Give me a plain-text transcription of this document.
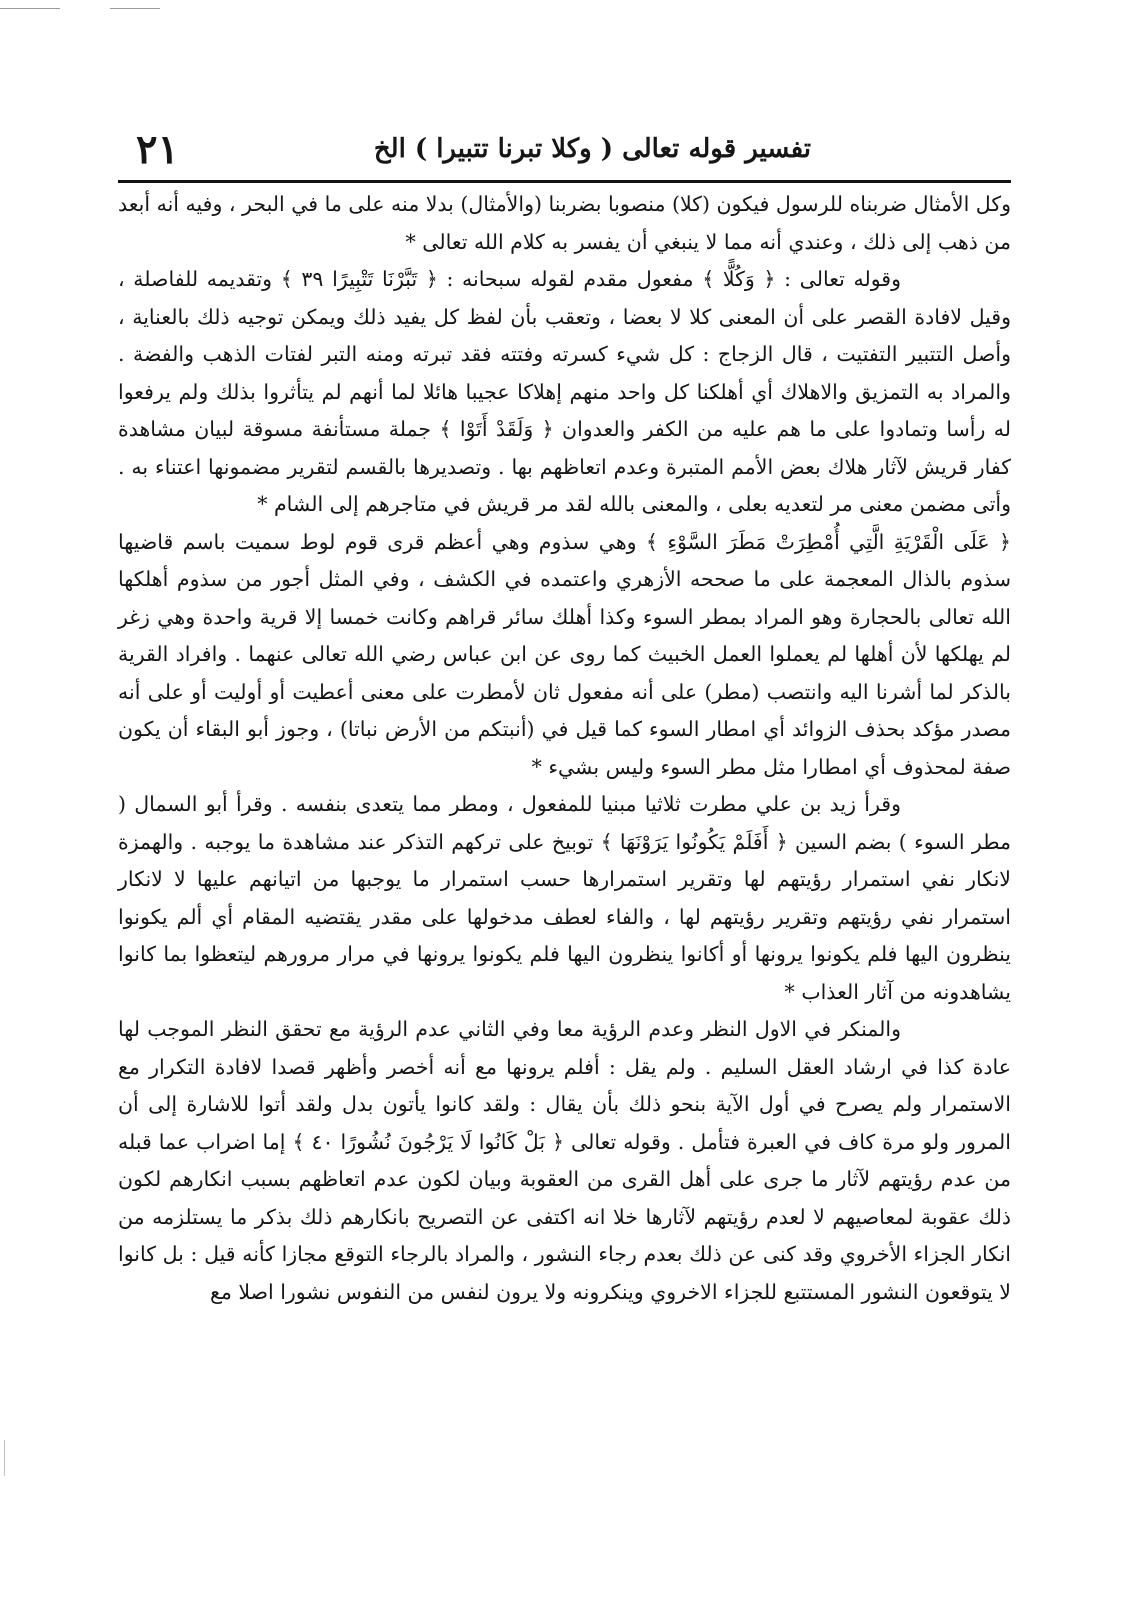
تفسير قوله تعالى ( وكلا تبرنا تتبيرا ) الخ
٢١

وكل الأمثال ضربناه للرسول فيكون (كلا) منصوبا بضربنا (والأمثال) بدلا منه على ما في البحر ، وفيه أنه أبعد من ذهب إلى ذلك ، وعندي أنه مما لا ينبغي أن يفسر به كلام الله تعالى *

وقوله تعالى : ﴿ وَكُلًّا ﴾ مفعول مقدم لقوله سبحانه : ﴿ تَبَّرْنَا تَتْبِيرًا ٣٩ ﴾ وتقديمه للفاصلة ، وقيل لافادة القصر على أن المعنى كلا لا بعضا ، وتعقب بأن لفظ كل يفيد ذلك ويمكن توجيه ذلك بالعناية ، وأصل التتبير التفتيت ، قال الزجاج : كل شيء كسرته وفتته فقد تبرته ومنه التبر لفتات الذهب والفضة . والمراد به التمزيق والاهلاك أي أهلكنا كل واحد منهم إهلاكا عجيبا هائلا لما أنهم لم يتأثروا بذلك ولم يرفعوا له رأسا وتمادوا على ما هم عليه من الكفر والعدوان ﴿ وَلَقَدْ أَتَوْا ﴾ جملة مستأنفة مسوقة لبيان مشاهدة كفار قريش لآثار هلاك بعض الأمم المتبرة وعدم اتعاظهم بها . وتصديرها بالقسم لتقرير مضمونها اعتناء به . وأتى مضمن معنى مر لتعديه بعلى ، والمعنى بالله لقد مر قريش في متاجرهم إلى الشام *

﴿ عَلَى الْقَرْيَةِ الَّتِي أُمْطِرَتْ مَطَرَ السَّوْءِ ﴾ وهي سذوم وهي أعظم قرى قوم لوط سميت باسم قاضيها سذوم بالذال المعجمة على ما صححه الأزهري واعتمده في الكشف ، وفي المثل أجور من سذوم أهلكها الله تعالى بالحجارة وهو المراد بمطر السوء وكذا أهلك سائر قراهم وكانت خمسا إلا قرية واحدة وهي زغر لم يهلكها لأن أهلها لم يعملوا العمل الخبيث كما روى عن ابن عباس رضي الله تعالى عنهما . وافراد القرية بالذكر لما أشرنا اليه وانتصب (مطر) على أنه مفعول ثان لأمطرت على معنى أعطيت أو أوليت أو على أنه مصدر مؤكد بحذف الزوائد أي امطار السوء كما قيل في (أنبتكم من الأرض نباتا) ، وجوز أبو البقاء أن يكون صفة لمحذوف أي امطارا مثل مطر السوء وليس بشيء *

وقرأ زيد بن علي مطرت ثلاثيا مبنيا للمفعول ، ومطر مما يتعدى بنفسه . وقرأ أبو السمال ( مطر السوء ) بضم السين ﴿ أَفَلَمْ يَكُونُوا يَرَوْنَهَا ﴾ توبيخ على تركهم التذكر عند مشاهدة ما يوجبه . والهمزة لانكار نفي استمرار رؤيتهم لها وتقرير استمرارها حسب استمرار ما يوجبها من اتيانهم عليها لا لانكار استمرار نفي رؤيتهم وتقرير رؤيتهم لها ، والفاء لعطف مدخولها على مقدر يقتضيه المقام أي ألم يكونوا ينظرون اليها فلم يكونوا يرونها أو أكانوا ينظرون اليها فلم يكونوا يرونها في مرار مرورهم ليتعظوا بما كانوا يشاهدونه من آثار العذاب *

والمنكر في الاول النظر وعدم الرؤية معا وفي الثاني عدم الرؤية مع تحقق النظر الموجب لها عادة كذا في ارشاد العقل السليم . ولم يقل : أفلم يرونها مع أنه أخصر وأظهر قصدا لافادة التكرار مع الاستمرار ولم يصرح في أول الآية بنحو ذلك بأن يقال : ولقد كانوا يأتون بدل ولقد أتوا للاشارة إلى أن المرور ولو مرة كاف في العبرة فتأمل . وقوله تعالى ﴿ بَلْ كَانُوا لَا يَرْجُونَ نُشُورًا ٤٠ ﴾ إما اضراب عما قبله من عدم رؤيتهم لآثار ما جرى على أهل القرى من العقوبة وبيان لكون عدم اتعاظهم بسبب انكارهم لكون ذلك عقوبة لمعاصيهم لا لعدم رؤيتهم لآثارها خلا انه اكتفى عن التصريح بانكارهم ذلك بذكر ما يستلزمه من انكار الجزاء الأخروي وقد كنى عن ذلك بعدم رجاء النشور ، والمراد بالرجاء التوقع مجازا كأنه قيل : بل كانوا لا يتوقعون النشور المستتبع للجزاء الاخروي وينكرونه ولا يرون لنفس من النفوس نشورا اصلا مع
